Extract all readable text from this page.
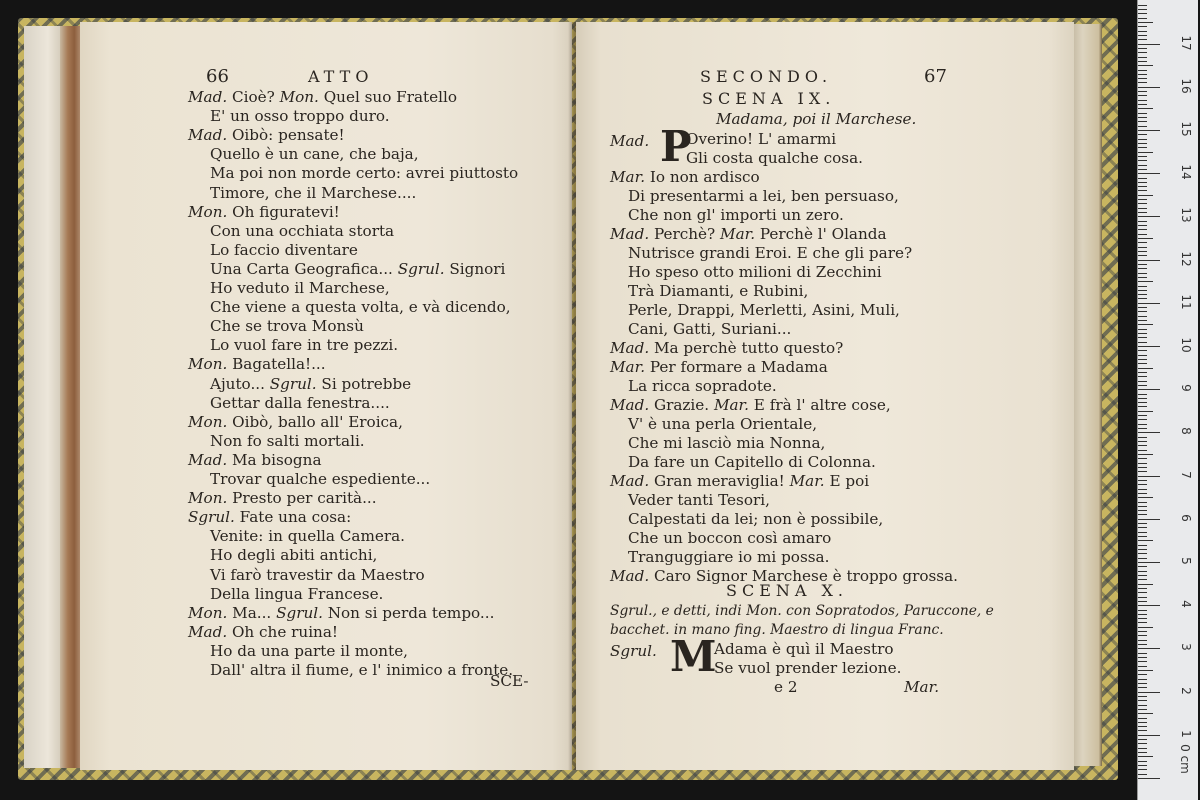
66	ATTO
Mad. Cioè? Mon. Quel suo Fratello
E' un osso troppo duro.
Mad. Oibò: pensate!
Quello è un cane, che baja,
Ma poi non morde certo: avrei piuttosto
Timore, che il Marchese....
Mon. Oh figuratevi!
Con una occhiata storta
Lo faccio diventare
Una Carta Geografica... Sgrul. Signori
Ho veduto il Marchese,
Che viene a questa volta, e và dicendo,
Che se trova Monsù
Lo vuol fare in tre pezzi.
Mon. Bagatella!...
Ajuto... Sgrul. Si potrebbe
Gettar dalla fenestra....
Mon. Oibò, ballo all' Eroica,
Non fo salti mortali.
Mad. Ma bisogna
Trovar qualche espediente...
Mon. Presto per carità...
Sgrul. Fate una cosa:
Venite: in quella Camera.
Ho degli abiti antichi,
Vi farò travestir da Maestro
Della lingua Francese.
Mon. Ma... Sgrul. Non si perda tempo...
Mad. Oh che ruina!
Ho da una parte il monte,
Dall' altra il fiume, e l' inimico a fronte.
SCE-
SECONDO.	67
SCENA IX.
Madama, poi il Marchese.
Mad. P
Overino! L' amarmi
Gli costa qualche cosa.
Mar. Io non ardisco
Di presentarmi a lei, ben persuaso,
Che non gl' importi un zero.
Mad. Perchè? Mar. Perchè l' Olanda
Nutrisce grandi Eroi. E che gli pare?
Ho speso otto milioni di Zecchini
Trà Diamanti, e Rubini,
Perle, Drappi, Merletti, Asini, Muli,
Cani, Gatti, Suriani...
Mad. Ma perchè tutto questo?
Mar. Per formare a Madama
La ricca sopradote.
Mad. Grazie. Mar. E frà l' altre cose,
V' è una perla Orientale,
Che mi lasciò mia Nonna,
Da fare un Capitello di Colonna.
Mad. Gran meraviglia! Mar. E poi
Veder tanti Tesori,
Calpestati da lei; non è possibile,
Che un boccon così amaro
Tranguggiare io mi possa.
Mad. Caro Signor Marchese è troppo grossa.
SCENA X.
Sgrul., e detti, indi Mon. con Sopratodos, Paruccone, e
bacchet. in mano fing. Maestro di lingua Franc.
Sgrul. M
Adama è quì il Maestro
Se vuol prender lezione.
e 2	Mar.
0 cm
1
2
3
4
5
6
7
8
9
10
11
12
13
14
15
16
17
